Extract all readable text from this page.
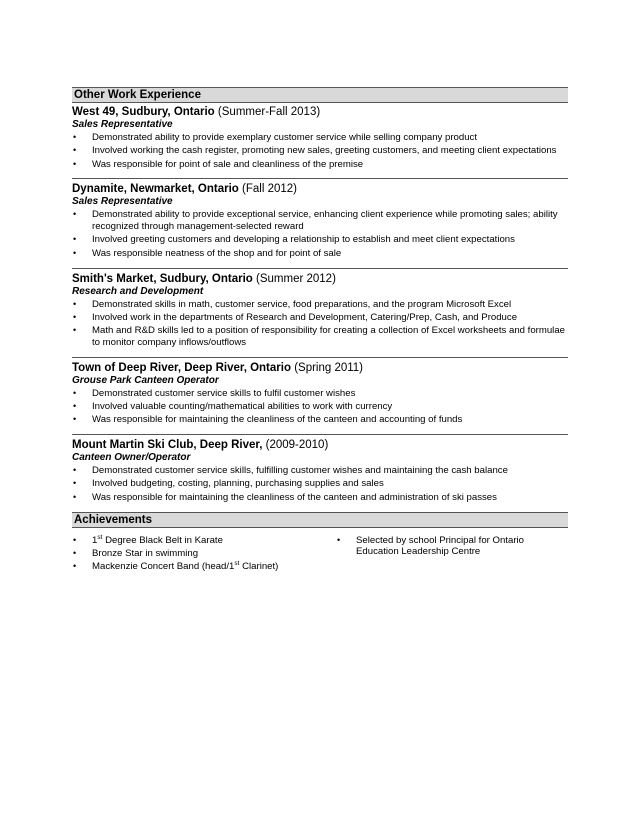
Other Work Experience
West 49, Sudbury, Ontario (Summer-Fall 2013)
Sales Representative
• Demonstrated ability to provide exemplary customer service while selling company product
• Involved working the cash register, promoting new sales, greeting customers, and meeting client expectations
• Was responsible for point of sale and cleanliness of the premise
Dynamite, Newmarket, Ontario (Fall 2012)
Sales Representative
• Demonstrated ability to provide exceptional service, enhancing client experience while promoting sales; ability recognized through management-selected reward
• Involved greeting customers and developing a relationship to establish and meet client expectations
• Was responsible neatness of the shop and for point of sale
Smith's Market, Sudbury, Ontario (Summer 2012)
Research and Development
• Demonstrated skills in math, customer service, food preparations, and the program Microsoft Excel
• Involved work in the departments of Research and Development, Catering/Prep, Cash, and Produce
• Math and R&D skills led to a position of responsibility for creating a collection of Excel worksheets and formulae to monitor company inflows/outflows
Town of Deep River, Deep River, Ontario (Spring 2011)
Grouse Park Canteen Operator
• Demonstrated customer service skills to fulfil customer wishes
• Involved valuable counting/mathematical abilities to work with currency
• Was responsible for maintaining the cleanliness of the canteen and accounting of funds
Mount Martin Ski Club, Deep River, (2009-2010)
Canteen Owner/Operator
• Demonstrated customer service skills, fulfilling customer wishes and maintaining the cash balance
• Involved budgeting, costing, planning, purchasing supplies and sales
• Was responsible for maintaining the cleanliness of the canteen and administration of ski passes
Achievements
• 1st Degree Black Belt in Karate
• Bronze Star in swimming
• Mackenzie Concert Band (head/1st Clarinet)
• Selected by school Principal for Ontario Education Leadership Centre
